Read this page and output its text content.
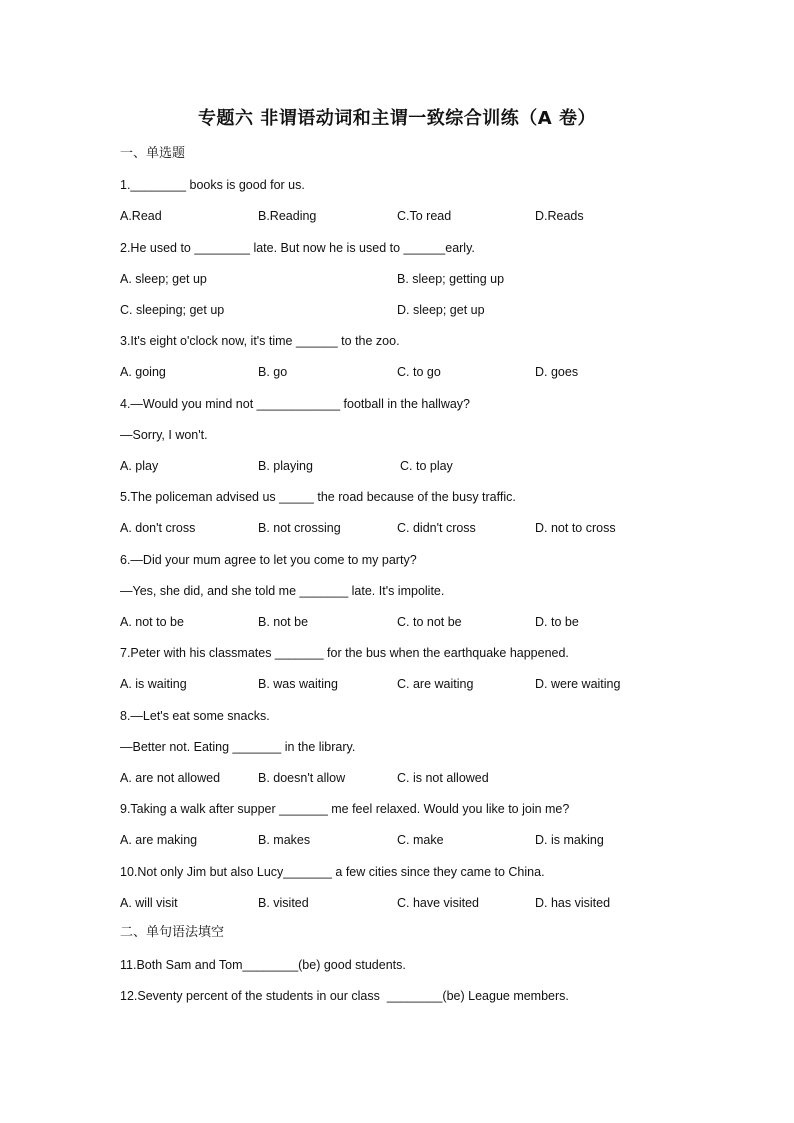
专题六 非谓语动词和主谓一致综合训练（A 卷）
一、单选题
1.________ books is good for us.
A.Read	B.Reading	C.To read	D.Reads
2.He used to ________ late. But now he is used to ______early.
A. sleep; get up	B. sleep; getting up
C. sleeping; get up	D. sleep; get up
3.It's eight o'clock now, it's time ______ to the zoo.
A. going	B. go	C. to go	D. goes
4.—Would you mind not ____________ football in the hallway?
—Sorry, I won't.
A. play	B. playing	C. to play
5.The policeman advised us _____ the road because of the busy traffic.
A. don't cross	B. not crossing	C. didn't cross	D. not to cross
6.—Did your mum agree to let you come to my party?
—Yes, she did, and she told me _______ late. It's impolite.
A. not to be	B. not be	C. to not be	D. to be
7.Peter with his classmates _______ for the bus when the earthquake happened.
A. is waiting	B. was waiting	C. are waiting	D. were waiting
8.—Let's eat some snacks.
—Better not. Eating _______ in the library.
A. are not allowed	B. doesn't allow	C. is not allowed
9.Taking a walk after supper _______ me feel relaxed. Would you like to join me?
A. are making	B. makes	C. make	D. is making
10.Not only Jim but also Lucy_______ a few cities since they came to China.
A. will visit	B. visited	C. have visited	D. has visited
二、单句语法填空
11.Both Sam and Tom________(be) good students.
12.Seventy percent of the students in our class  ________(be) League members.
